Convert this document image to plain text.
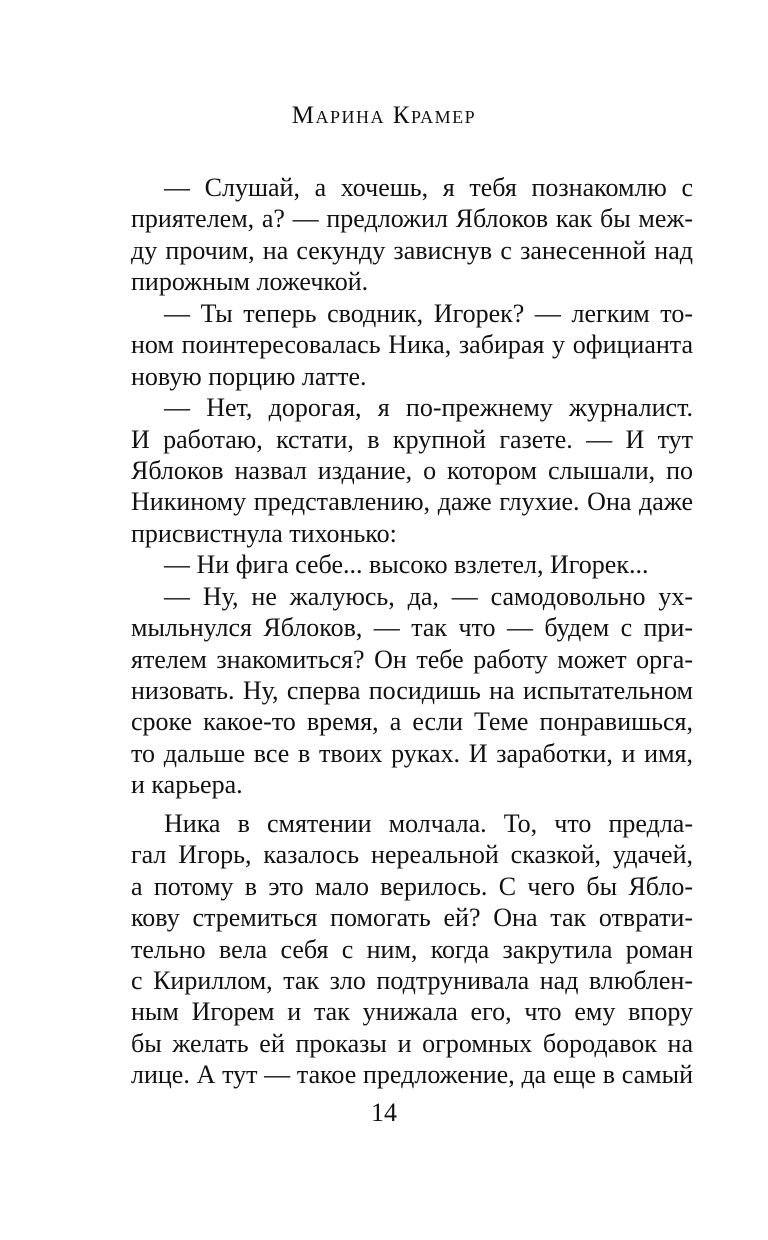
Марина Крамер
— Слушай, а хочешь, я тебя познакомлю с
приятелем, а? — предложил Яблоков как бы меж-
ду прочим, на секунду зависнув с занесенной над
пирожным ложечкой.
— Ты теперь сводник, Игорек? — легким то-
ном поинтересовалась Ника, забирая у официанта
новую порцию латте.
— Нет, дорогая, я по-прежнему журналист.
И работаю, кстати, в крупной газете. — И тут
Яблоков назвал издание, о котором слышали, по
Никиному представлению, даже глухие. Она даже
присвистнула тихонько:
— Ни фига себе... высоко взлетел, Игорек...
— Ну, не жалуюсь, да, — самодовольно ух-
мыльнулся Яблоков, — так что — будем с при-
ятелем знакомиться? Он тебе работу может орга-
низовать. Ну, сперва посидишь на испытательном
сроке какое-то время, а если Теме понравишься,
то дальше все в твоих руках. И заработки, и имя,
и карьера.
Ника в смятении молчала. То, что предла-
гал Игорь, казалось нереальной сказкой, удачей,
а потому в это мало верилось. С чего бы Ябло-
кову стремиться помогать ей? Она так отврати-
тельно вела себя с ним, когда закрутила роман
с Кириллом, так зло подтрунивала над влюблен-
ным Игорем и так унижала его, что ему впору
бы желать ей проказы и огромных бородавок на
лице. А тут — такое предложение, да еще в самый
14
